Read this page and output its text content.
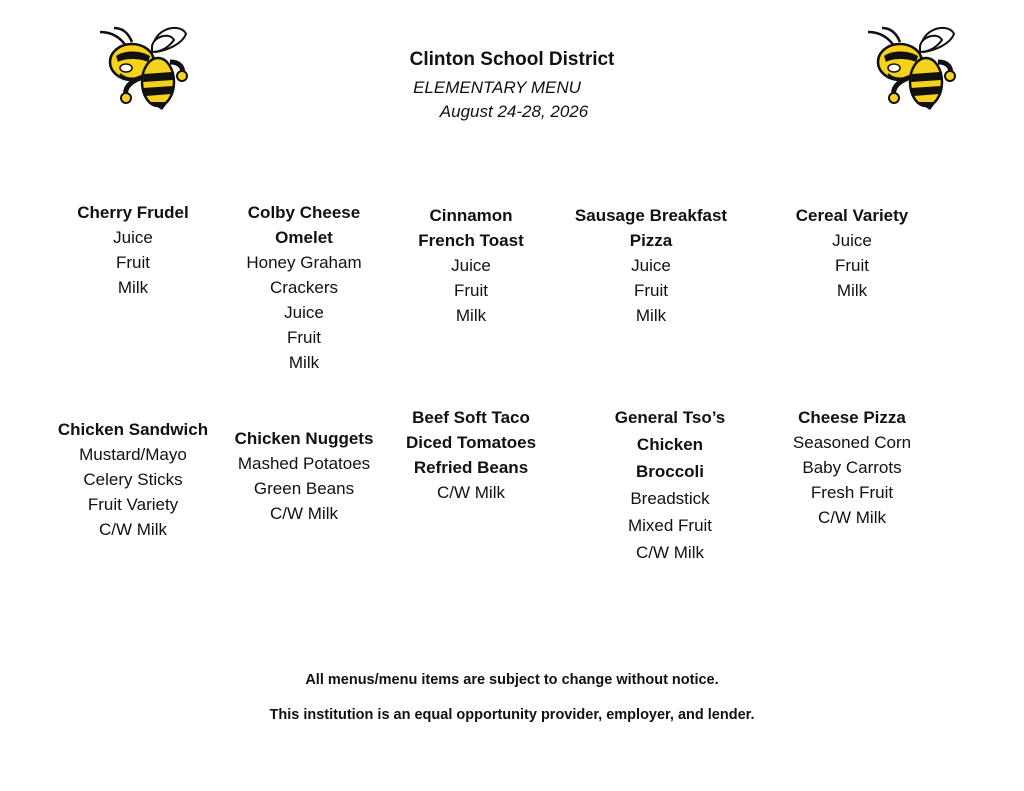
Clinton School District
ELEMENTARY MENU
August 24-28, 2026
Cherry Frudel
Juice
Fruit
Milk
Colby Cheese
Omelet
Honey Graham
Crackers
Juice
Fruit
Milk
Cinnamon
French Toast
Juice
Fruit
Milk
Sausage Breakfast
Pizza
Juice
Fruit
Milk
Cereal Variety
Juice
Fruit
Milk
Chicken Sandwich
Mustard/Mayo
Celery Sticks
Fruit Variety
C/W Milk
Chicken Nuggets
Mashed Potatoes
Green Beans
C/W Milk
Beef Soft Taco
Diced Tomatoes
Refried Beans
C/W Milk
General Tso’s
Chicken
Broccoli
Breadstick
Mixed Fruit
C/W Milk
Cheese Pizza
Seasoned Corn
Baby Carrots
Fresh Fruit
C/W Milk
All menus/menu items are subject to change without notice.
This institution is an equal opportunity provider, employer, and lender.
